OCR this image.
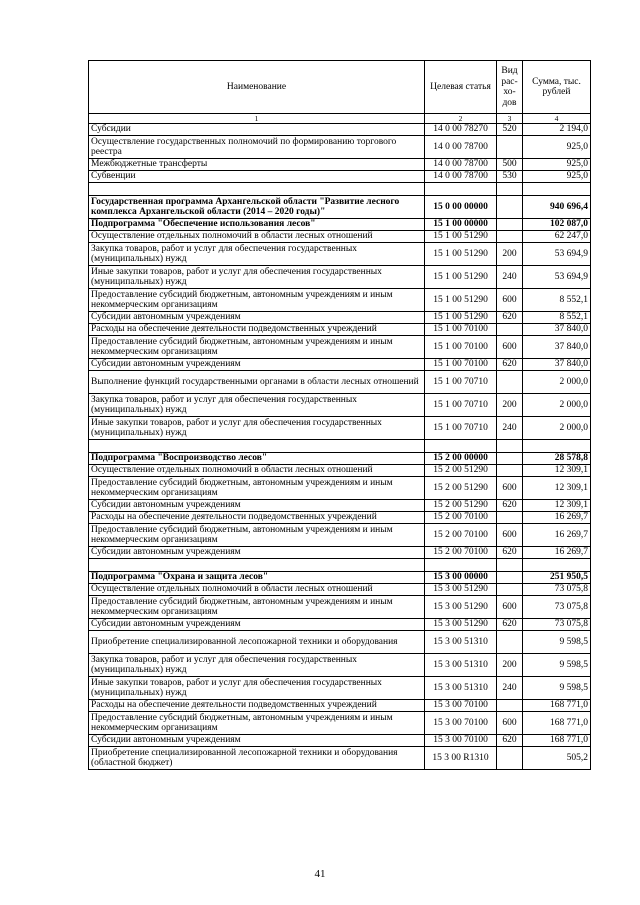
Наименование	Целевая статья	Вид рас-хо-дов	Сумма, тыс. рублей
1	2	3	4
Субсидии	14 0 00 78270	520	2 194,0
Осуществление государственных полномочий по формированию торгового реестра	14 0 00 78700		925,0
Межбюджетные трансферты	14 0 00 78700	500	925,0
Субвенции	14 0 00 78700	530	925,0

Государственная программа Архангельской области "Развитие лесного комплекса Архангельской области (2014 – 2020 годы)"	15 0 00 00000		940 696,4
Подпрограмма "Обеспечение использования лесов"	15 1 00 00000		102 087,0
Осуществление отдельных полномочий в области лесных отношений	15 1 00 51290		62 247,0
Закупка товаров, работ и услуг для обеспечения государственных (муниципальных) нужд	15 1 00 51290	200	53 694,9
Иные закупки товаров, работ и услуг для обеспечения государственных (муниципальных) нужд	15 1 00 51290	240	53 694,9
Предоставление субсидий бюджетным, автономным учреждениям и иным некоммерческим организациям	15 1 00 51290	600	8 552,1
Субсидии автономным учреждениям	15 1 00 51290	620	8 552,1
Расходы на обеспечение деятельности подведомственных учреждений	15 1 00 70100		37 840,0
Предоставление субсидий бюджетным, автономным учреждениям и иным некоммерческим организациям	15 1 00 70100	600	37 840,0
Субсидии автономным учреждениям	15 1 00 70100	620	37 840,0
Выполнение функций государственными органами в области лесных отношений	15 1 00 70710		2 000,0
Закупка товаров, работ и услуг для обеспечения государственных (муниципальных) нужд	15 1 00 70710	200	2 000,0
Иные закупки товаров, работ и услуг для обеспечения государственных (муниципальных) нужд	15 1 00 70710	240	2 000,0

Подпрограмма "Воспроизводство лесов"	15 2 00 00000		28 578,8
Осуществление отдельных полномочий в области лесных отношений	15 2 00 51290		12 309,1
Предоставление субсидий бюджетным, автономным учреждениям и иным некоммерческим организациям	15 2 00 51290	600	12 309,1
Субсидии автономным учреждениям	15 2 00 51290	620	12 309,1
Расходы на обеспечение деятельности подведомственных учреждений	15 2 00 70100		16 269,7
Предоставление субсидий бюджетным, автономным учреждениям и иным некоммерческим организациям	15 2 00 70100	600	16 269,7
Субсидии автономным учреждениям	15 2 00 70100	620	16 269,7

Подпрограмма "Охрана и защита лесов"	15 3 00 00000		251 950,5
Осуществление отдельных полномочий в области лесных отношений	15 3 00 51290		73 075,8
Предоставление субсидий бюджетным, автономным учреждениям и иным некоммерческим организациям	15 3 00 51290	600	73 075,8
Субсидии автономным учреждениям	15 3 00 51290	620	73 075,8
Приобретение специализированной лесопожарной техники и оборудования	15 3 00 51310		9 598,5
Закупка товаров, работ и услуг для обеспечения государственных (муниципальных) нужд	15 3 00 51310	200	9 598,5
Иные закупки товаров, работ и услуг для обеспечения государственных (муниципальных) нужд	15 3 00 51310	240	9 598,5
Расходы на обеспечение деятельности подведомственных учреждений	15 3 00 70100		168 771,0
Предоставление субсидий бюджетным, автономным учреждениям и иным некоммерческим организациям	15 3 00 70100	600	168 771,0
Субсидии автономным учреждениям	15 3 00 70100	620	168 771,0
Приобретение специализированной лесопожарной техники и оборудования (областной бюджет)	15 3 00 R1310		505,2
41
